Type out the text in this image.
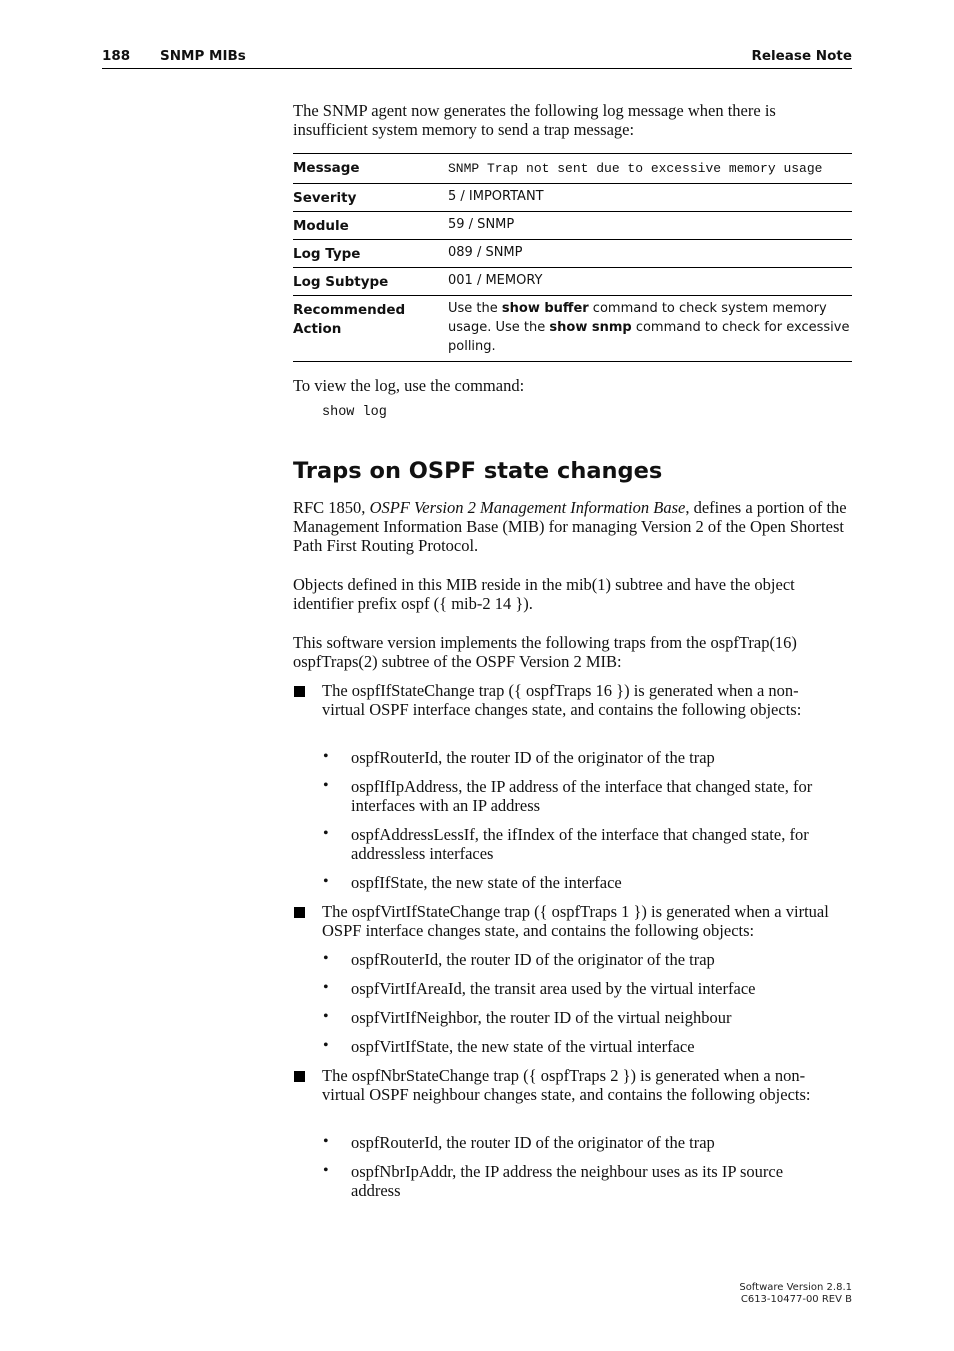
188 SNMP MIBs	Release Note

The SNMP agent now generates the following log message when there is insufficient system memory to send a trap message:

Message	SNMP Trap not sent due to excessive memory usage
Severity	5 / IMPORTANT
Module	59 / SNMP
Log Type	089 / SNMP
Log Subtype	001 / MEMORY
Recommended Action	Use the show buffer command to check system memory usage. Use the show snmp command to check for excessive polling.

To view the log, use the command:

show log
Traps on OSPF state changes

RFC 1850, OSPF Version 2 Management Information Base, defines a portion of the Management Information Base (MIB) for managing Version 2 of the Open Shortest Path First Routing Protocol.

Objects defined in this MIB reside in the mib(1) subtree and have the object identifier prefix ospf ({ mib-2 14 }).

This software version implements the following traps from the ospfTrap(16) ospfTraps(2) subtree of the OSPF Version 2 MIB:

The ospfIfStateChange trap ({ ospfTraps 16 }) is generated when a non-virtual OSPF interface changes state, and contains the following objects:

• ospfRouterId, the router ID of the originator of the trap

• ospfIfIpAddress, the IP address of the interface that changed state, for interfaces with an IP address

• ospfAddressLessIf, the ifIndex of the interface that changed state, for addressless interfaces

• ospfIfState, the new state of the interface

The ospfVirtIfStateChange trap ({ ospfTraps 1 }) is generated when a virtual OSPF interface changes state, and contains the following objects:

• ospfRouterId, the router ID of the originator of the trap

• ospfVirtIfAreaId, the transit area used by the virtual interface

• ospfVirtIfNeighbor, the router ID of the virtual neighbour

• ospfVirtIfState, the new state of the virtual interface

The ospfNbrStateChange trap ({ ospfTraps 2 }) is generated when a non-virtual OSPF neighbour changes state, and contains the following objects:

• ospfRouterId, the router ID of the originator of the trap

• ospfNbrIpAddr, the IP address the neighbour uses as its IP source address

Software Version 2.8.1
C613-10477-00 REV B
